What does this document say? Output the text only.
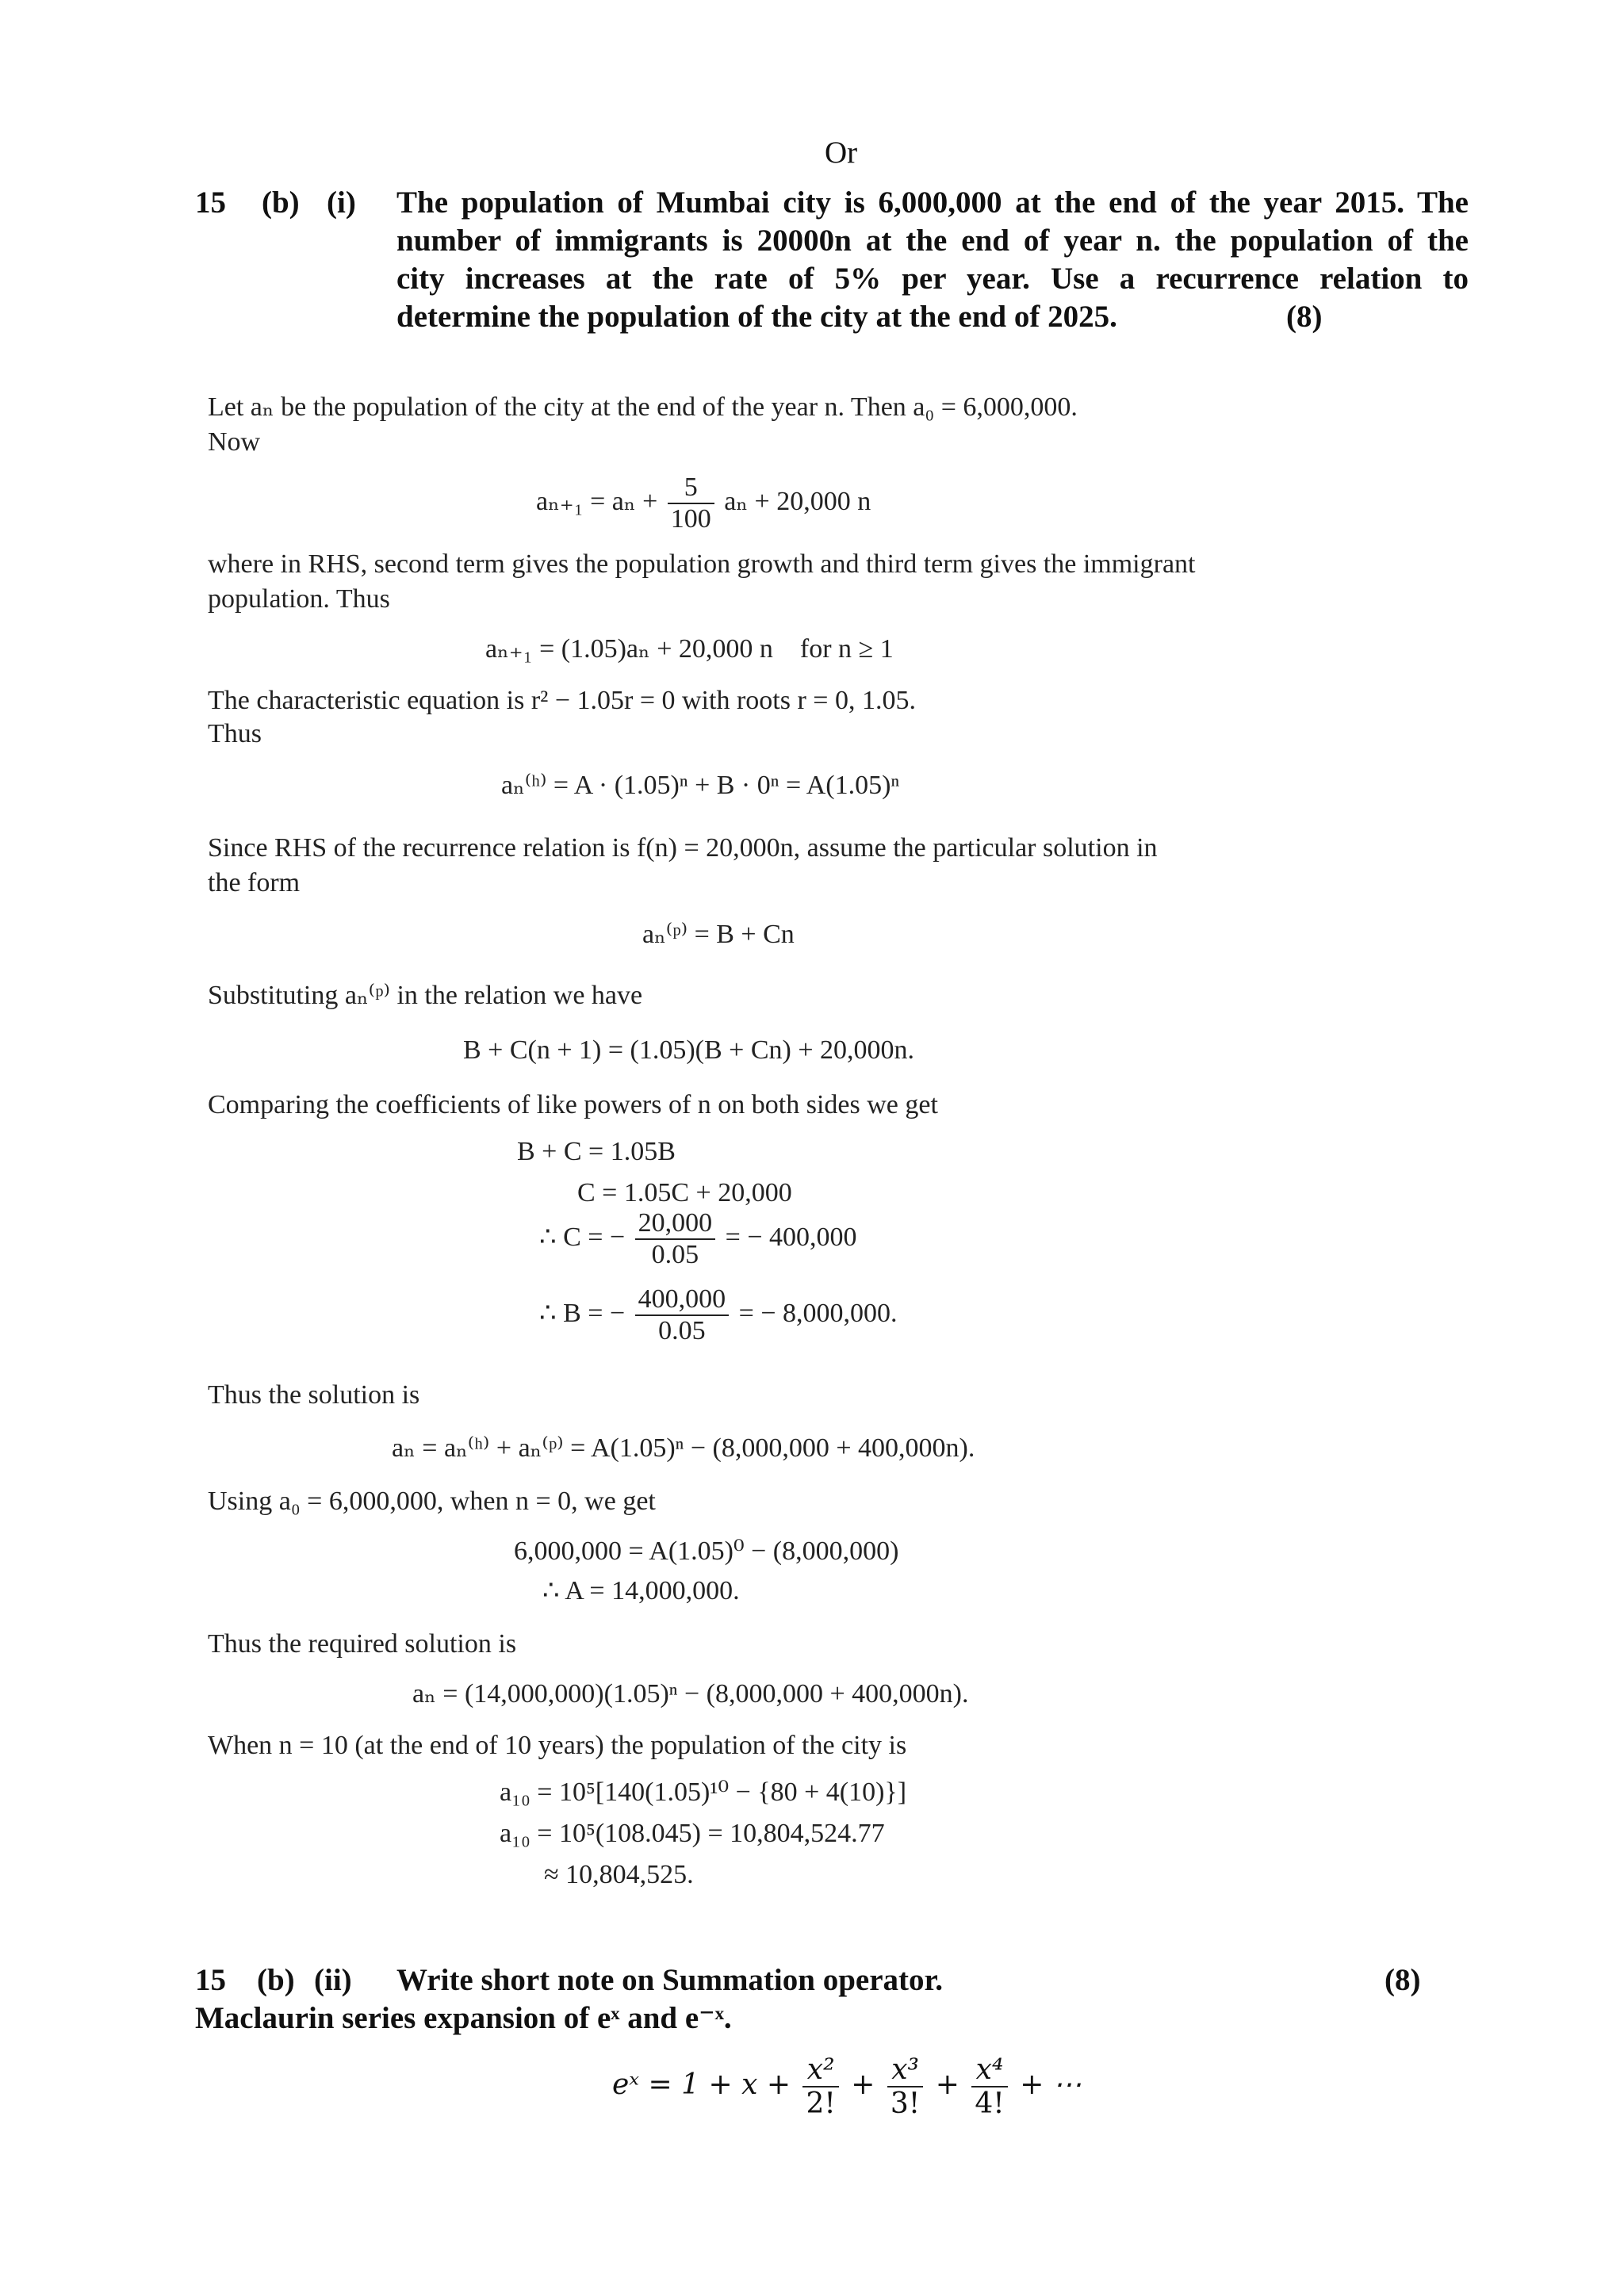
Or
15 (b) (i) The population of Mumbai city is 6,000,000 at the end of the year 2015. The
number of immigrants is 20000n at the end of year n. the population of the
city increases at the rate of 5% per year. Use a recurrence relation to
determine the population of the city at the end of 2025.	(8)
Let aₙ be the population of the city at the end of the year n. Then a₀ = 6,000,000.
Now
$a_{n+1} = a_n + \frac{5}{100}$ aₙ + 20,000 n
where in RHS, second term gives the population growth and third term gives the immigrant
population. Thus
aₙ₊₁ = (1.05)aₙ + 20,000 n    for n ≥ 1
The characteristic equation is r² − 1.05r = 0 with roots r = 0, 1.05.
Thus
aₙ⁽ʰ⁾ = A · (1.05)ⁿ + B · 0ⁿ = A(1.05)ⁿ
Since RHS of the recurrence relation is f(n) = 20,000n, assume the particular solution in
the form
aₙ⁽ᵖ⁾ = B + Cn
Substituting aₙ⁽ᵖ⁾ in the relation we have
B + C(n + 1) = (1.05)(B + Cn) + 20,000n.
Comparing the coefficients of like powers of n on both sides we get
B + C = 1.05B
C = 1.05C + 20,000
∴ C = − $\frac{20,000}{0.05}$ = − 400,000
∴ B = − $\frac{400,000}{0.05}$ = − 8,000,000.
Thus the solution is
aₙ = aₙ⁽ʰ⁾ + aₙ⁽ᵖ⁾ = A(1.05)ⁿ − (8,000,000 + 400,000n).
Using a₀ = 6,000,000, when n = 0, we get
6,000,000 = A(1.05)⁰ − (8,000,000)
∴ A = 14,000,000.
Thus the required solution is
aₙ = (14,000,000)(1.05)ⁿ − (8,000,000 + 400,000n).
When n = 10 (at the end of 10 years) the population of the city is
a₁₀ = 10⁵[140(1.05)¹⁰ − {80 + 4(10)}]
a₁₀ = 10⁵(108.045) = 10,804,524.77
≈ 10,804,525.
15 (b) (ii) Write short note on Summation operator.	(8)
Maclaurin series expansion of eˣ and e⁻ˣ.
eˣ = $1 + x + \frac{\text{x²}}{2!} + \frac{\text{x³}}{3!} + \frac{\text{x⁴}}{4!}$ + ⋯
